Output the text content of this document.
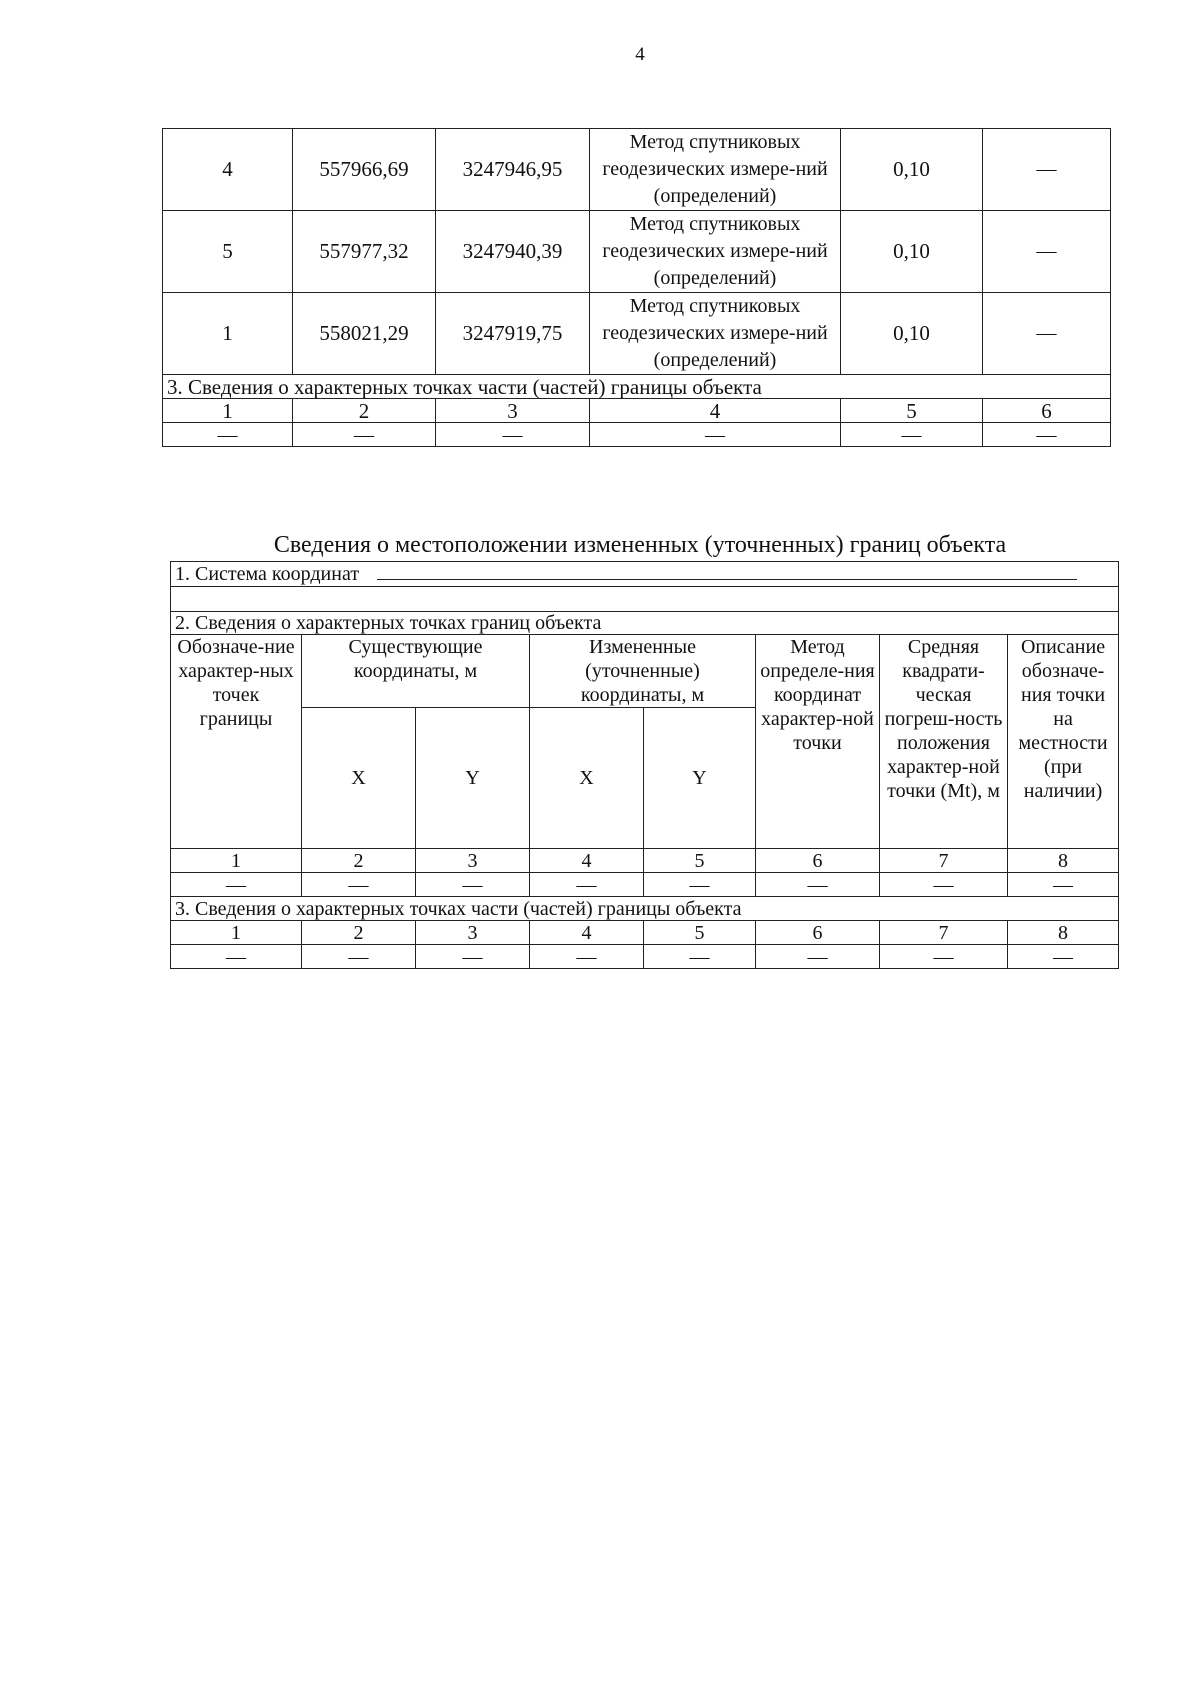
4
4	557966,69	3247946,95	Метод спутниковых геодезических измере-ний (определений)	0,10	—
5	557977,32	3247940,39	Метод спутниковых геодезических измере-ний (определений)	0,10	—
1	558021,29	3247919,75	Метод спутниковых геодезических измере-ний (определений)	0,10	—
3. Сведения о характерных точках части (частей) границы объекта					
1	2	3	4	5	6
—	—	—	—	—	—
Сведения о местоположении измененных (уточненных) границ объекта
1. Система координат							

2. Сведения о характерных точках границ объекта							
Обозначе-ние характер-ных точек границы	Существующие координаты, м		Измененные (уточненные) координаты, м		Метод определе-ния координат характер-ной точки	Средняя квадрати-ческая погреш-ность положения характер-ной точки (Mt), м	Описание обозначе-ния точки на местности (при наличии)
	X	Y	X	Y			
1	2	3	4	5	6	7	8
—	—	—	—	—	—	—	—
3. Сведения о характерных точках части (частей) границы объекта							
1	2	3	4	5	6	7	8
—	—	—	—	—	—	—	—
